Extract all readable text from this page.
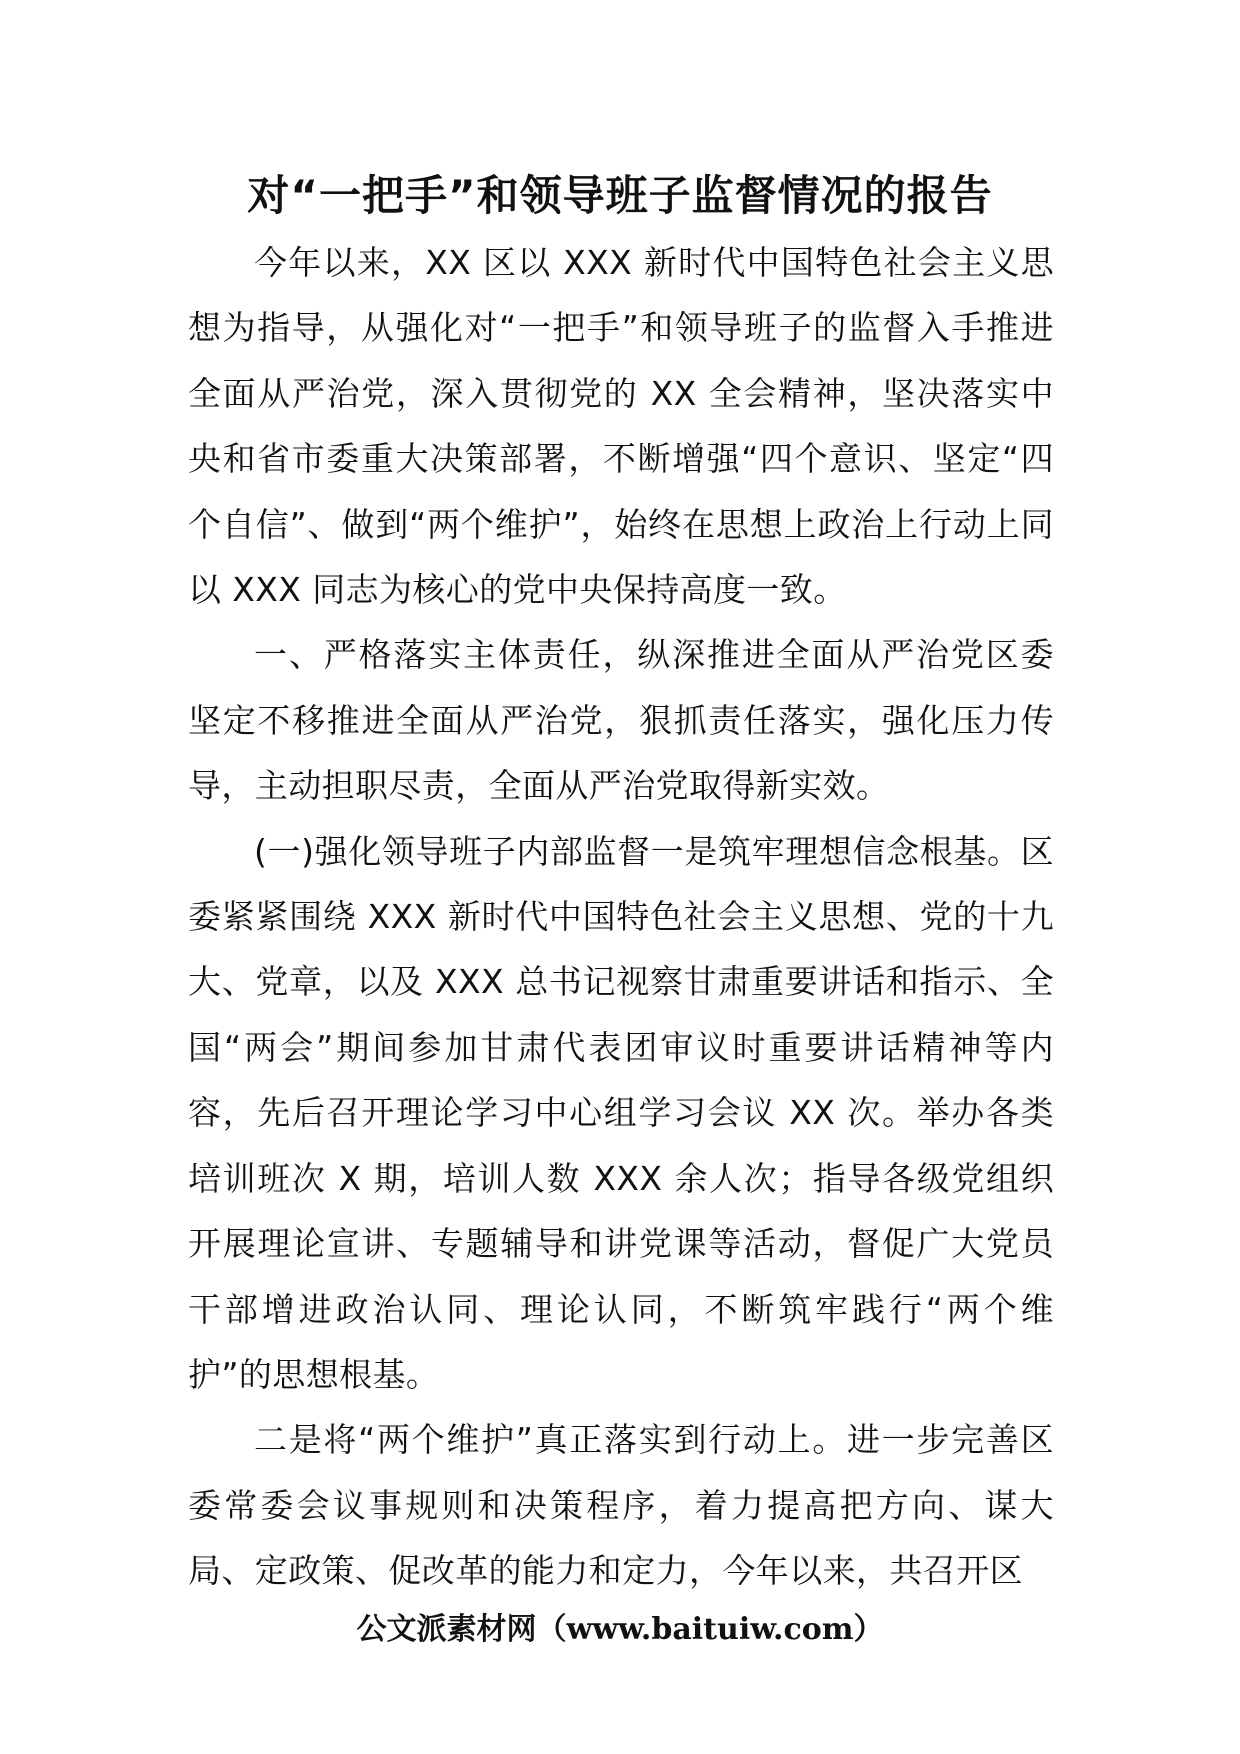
对“一把手”和领导班子监督情况的报告

今年以来，XX 区以 XXX 新时代中国特色社会主义思想为指导，从强化对“一把手”和领导班子的监督入手推进全面从严治党，深入贯彻党的 XX 全会精神，坚决落实中央和省市委重大决策部署，不断增强“四个意识、坚定“四个自信”、做到“两个维护”，始终在思想上政治上行动上同以 XXX 同志为核心的党中央保持高度一致。

一、严格落实主体责任，纵深推进全面从严治党区委坚定不移推进全面从严治党，狠抓责任落实，强化压力传导，主动担职尽责，全面从严治党取得新实效。

(一)强化领导班子内部监督一是筑牢理想信念根基。区委紧紧围绕 XXX 新时代中国特色社会主义思想、党的十九大、党章，以及 XXX 总书记视察甘肃重要讲话和指示、全国“两会”期间参加甘肃代表团审议时重要讲话精神等内容，先后召开理论学习中心组学习会议 XX 次。举办各类培训班次 X 期，培训人数 XXX 余人次；指导各级党组织开展理论宣讲、专题辅导和讲党课等活动，督促广大党员干部增进政治认同、理论认同，不断筑牢践行“两个维护”的思想根基。

二是将“两个维护”真正落实到行动上。进一步完善区委常委会议事规则和决策程序，着力提高把方向、谋大局、定政策、促改革的能力和定力，今年以来，共召开区

公文派素材网（www.baituiw.com）
